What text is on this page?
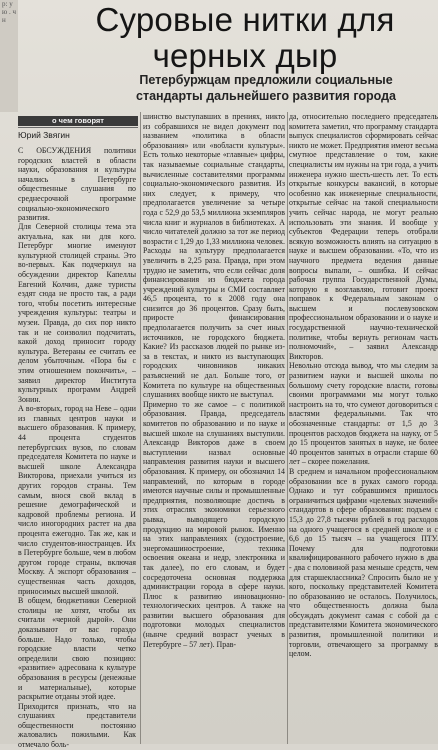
р: ую . чн	Суровые нитки для черных дыр
Петербуржцам предложили социальные стандарты дальнейшего развития города
о чем говорят
Юрий Звягин
С ОБСУЖДЕНИЯ политики городских властей в области науки, образования и культуры начались в Петербурге общественные слушания по среднесрочной программе социально-экономического развития.
Для Северной столицы тема эта актуальна, как ни для кого. Петербург многие именуют культурной столицей страны. Это во-первых. Как подчеркнул на обсуждении директор Капеллы Евгений Колчин, даже туристы ездят сюда не просто так, а ради того, чтобы посетить интересные учреждения культуры: театры и музеи. Правда, до сих пор никто так и не соизволил подсчитать, какой доход приносит городу культура. Ветераны ее считать ее делом убыточным. «Пора бы с этим отношением покончить», – заявил директор Института культурных программ Андрей Зонин.
А во-вторых, город на Неве – одни из главных центров науки и высшего образования. К примеру, 44 процента студентов петербургских вузов, по словам председателя Комитета по науке и высшей школе Александра Викторова, приехали учиться из других городов страны. Тем самым, внося свой вклад в решение демографической и кадровой проблемы региона. И число иногородних растет на два процента ежегодно. Так же, как и число студентов-иностранцев. Их в Петербурге больше, чем в любом другом городе страны, включая Москву. А экспорт образования – существенная часть доходов, приносимых высшей школой.
В общем, бюджетники Северной столицы не хотят, чтобы их считали «черной дырой». Они доказывают от вас гораздо больше. Надо только, чтобы городские власти четко определили свою позицию: «развитие» адресована к культуре образования в ресурсы (денежные и материальные), которые раскрытие отданы этой идее.
Приходится признать, что на слушаниях представители общественности постоянно жаловались пожилыми. Как отмечало боль-
шинство выступавших в прениях, никто из собравшихся не видел документ под названием «политика в области образования» или «вобласти культуры». Есть только некоторые «главные» цифры, так называемые социальные стандарты, вычисленные составителями программы социально-экономического развития. Из них следует, к примеру, что предполагается увеличение за четыре года с 52,9 до 53,5 миллиона экземпляров числа книг и журналов в библиотеках. А число читателей должно за тот же период возрасти с 1,29 до 1,33 миллиона человек. Расходы на культуру предполагается увеличить в 2,25 раза. Правда, при этом трудно не заметить, что если сейчас доля финансирования из бюджета города учреждений культуры и СМИ составляет 46,5 процента, то к 2008 году она снизится до 36 процентов. Сразу быть, приросте финансирования предполагается получить за счет иных источников, не городского бюджета. Какие? Из рассказов людей по рынке из-за в текстах, и никто из выступающих городских чиновников никаких разъяснений не дал. Больше того, от Комитета по культуре на общественных слушаниях вообще никто не выступал.
Примерно то же самое – с политикой образования. Правда, председатель комитетов по образованию и по науке и высшей школе на слушаниях выступили. Александр Викторов даже в своем выступлении назвал основные направления развития науки и высшего образования. К примеру, он обозначил 14 направлений, по которым в городе имеются научные силы и промышленные предприятия, позволяющие достичь в этих отраслях экономики серьезного рывка, выводящего городскую продукцию на мировой рынок. Именно на этих направлениях (судостроение, энергомашиностроение, техника освоения океана и недр, электроника и так далее), по его словам, и будет сосредоточена основная поддержка администрации города в сфере науки. Плюс к развитию инновационно-технологических центров. А также на развитии высшего образования для подготовки молодых специалистов (нынче средний возраст ученых в Петербурге – 57 лет). Прав-
да, относительно последнего председатель комитета заметил, что программу стандарта выпуск специалистов сформировать сейчас никто не может. Предприятия имеют весьма смутное представление о том, какие специалисты им нужны на три года, а учить инженера нужно шесть-шесть лет. То есть открытые конкурсы вакансий, в которые особенно как инженерные специальности, открытые сейчас на такой специальности учить сейчас народа, не могут реально использовать эти знания. И вообще у субъектов Федерации теперь отобрали всякую возможность влиять на ситуацию в науке и высшем образовании. «То, что из научного предмета ведения данные вопросы выпали, – ошибка. И сейчас рабочая группа Государственной Думы, которую я возглавляю, готовит проект поправок к Федеральным законам о высшем и послевузовском профессиональном образовании и о науке и государственной научно-технической политике, чтобы вернуть регионам часть полномочий», – заявил Александр Викторов.
Невольно отсюда вывод, что мы следим за развитием науки и высшей школы по большому счету городские власти, готовы своими программами мы могут только настроить на то, что сумеют договориться с властями федеральными. Так что обозначенные стандарты: от 1,5 до 3 процентов расходов бюджета на науку, от 5 до 15 процентов занятых в науке, не более 40 процентов занятых в отрасли старше 60 лет – скорее пожелания.
В среднем и начальном профессиональном образовании все в руках самого города. Однако и тут собравшимся пришлось ограничиться цифрами «целевых значений» стандартов в сфере образования: подъем с 15,3 до 27,8 тысячи рублей в год расходов на одного учащегося в средней школе и с 6,6 до 15 тысяч – на учащегося ПТУ. Почему для подготовки квалифицированного рабочего нужно в два - два с половиной раза меньше средств, чем для старшеклассника? Спросить было не у кого, поскольку представителей Комитета по образованию не осталось. Получилось, что общественность должна была обсуждать документ самая с собой да с представителями Комитета экономического развития, промышленной политики и торговли, отвечающего за программу в целом.
